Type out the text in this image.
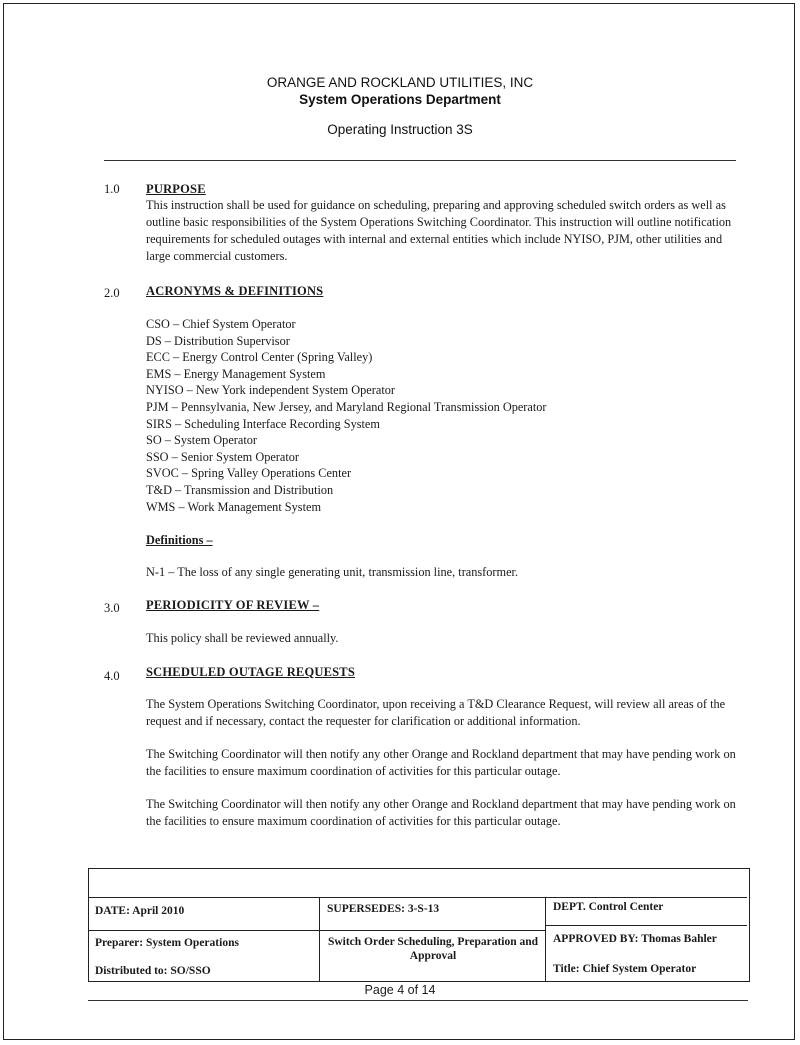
ORANGE AND ROCKLAND UTILITIES, INC
System Operations Department
Operating Instruction 3S
1.0 PURPOSE

This instruction shall be used for guidance on scheduling, preparing and approving scheduled switch orders as well as outline basic responsibilities of the System Operations Switching Coordinator. This instruction will outline notification requirements for scheduled outages with internal and external entities which include NYISO, PJM, other utilities and large commercial customers.

2.0 ACRONYMS & DEFINITIONS
CSO – Chief System Operator
DS – Distribution Supervisor
ECC – Energy Control Center (Spring Valley)
EMS – Energy Management System
NYISO – New York independent System Operator
PJM – Pennsylvania, New Jersey, and Maryland Regional Transmission Operator
SIRS – Scheduling Interface Recording System
SO – System Operator
SSO – Senior System Operator
SVOC – Spring Valley Operations Center
T&D – Transmission and Distribution
WMS – Work Management System
Definitions –

N-1 – The loss of any single generating unit, transmission line, transformer.

3.0 PERIODICITY OF REVIEW –

This policy shall be reviewed annually.

4.0 SCHEDULED OUTAGE REQUESTS

The System Operations Switching Coordinator, upon receiving a T&D Clearance Request, will review all areas of the request and if necessary, contact the requester for clarification or additional information.

The Switching Coordinator will then notify any other Orange and Rockland department that may have pending work on the facilities to ensure maximum coordination of activities for this particular outage.

The Switching Coordinator will then notify any other Orange and Rockland department that may have pending work on the facilities to ensure maximum coordination of activities for this particular outage.

DATE: April 2010	SUPERSEDES: 3-S-13	DEPT. Control Center
Preparer: System Operations
Distributed to: SO/SSO
Switch Order Scheduling, Preparation and Approval
APPROVED BY: Thomas Bahler
Title: Chief System Operator
Page 4 of 14
